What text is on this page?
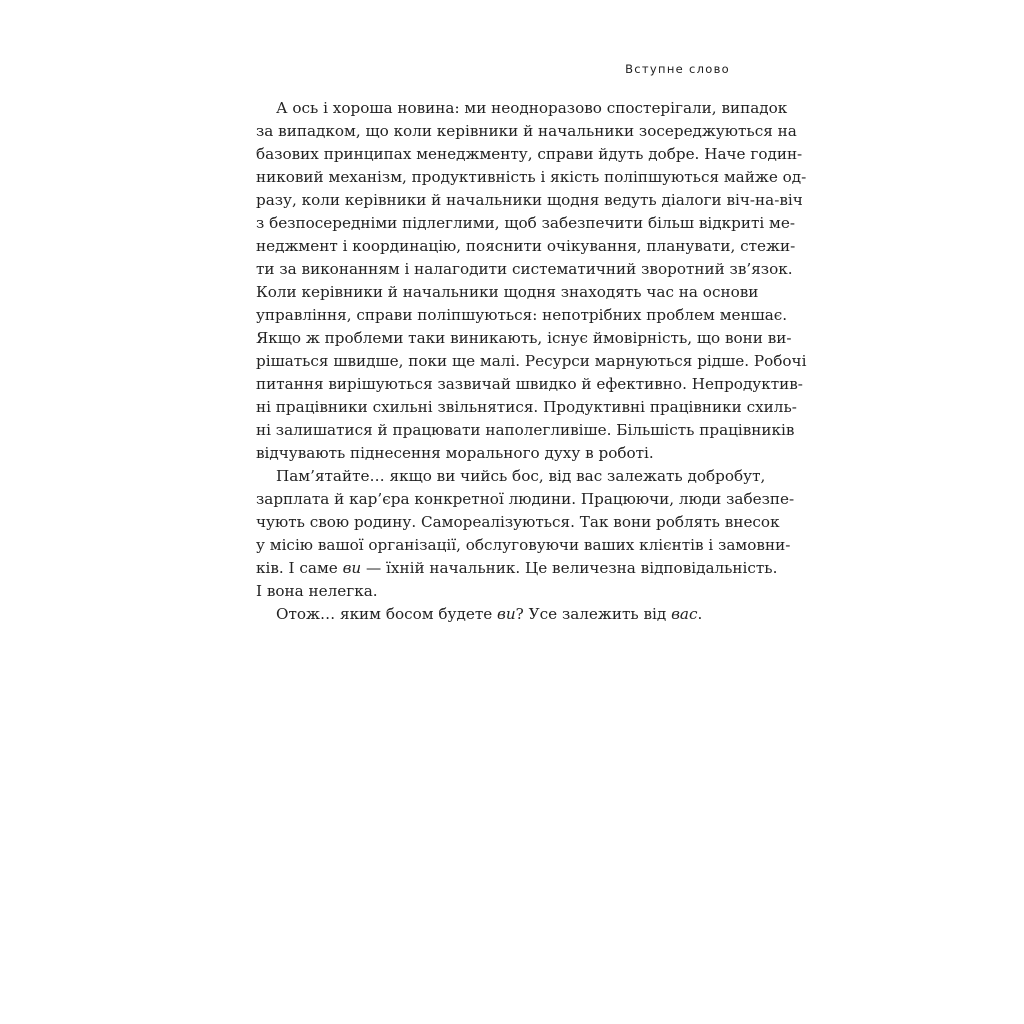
Вступне слово
А ось і хороша новина: ми неодноразово спостерігали, випадок
за випадком, що коли керівники й начальники зосереджуються на
базових принципах менеджменту, справи йдуть добре. Наче годин-
никовий механізм, продуктивність і якість поліпшуються майже од-
разу, коли керівники й начальники щодня ведуть діалоги віч-на-віч
з безпосередніми підлеглими, щоб забезпечити більш відкриті ме-
неджмент і координацію, пояснити очікування, планувати, стежи-
ти за виконанням і налагодити систематичний зворотний зв’язок.
Коли керівники й начальники щодня знаходять час на основи
управління, справи поліпшуються: непотрібних проблем меншає.
Якщо ж проблеми таки виникають, існує ймовірність, що вони ви-
рішаться швидше, поки ще малі. Ресурси марнуються рідше. Робочі
питання вирішуються зазвичай швидко й ефективно. Непродуктив-
ні працівники схильні звільнятися. Продуктивні працівники схиль-
ні залишатися й працювати наполегливіше. Більшість працівників
відчувають піднесення морального духу в роботі.
Пам’ятайте… якщо ви чийсь бос, від вас залежать добробут,
зарплата й кар’єра конкретної людини. Працюючи, люди забезпе-
чують свою родину. Самореалізуються. Так вони роблять внесок
у місію вашої організації, обслуговуючи ваших клієнтів і замовни-
ків. І саме ви — їхній начальник. Це величезна відповідальність.
І вона нелегка.
Отож… яким босом будете ви? Усе залежить від вас.
